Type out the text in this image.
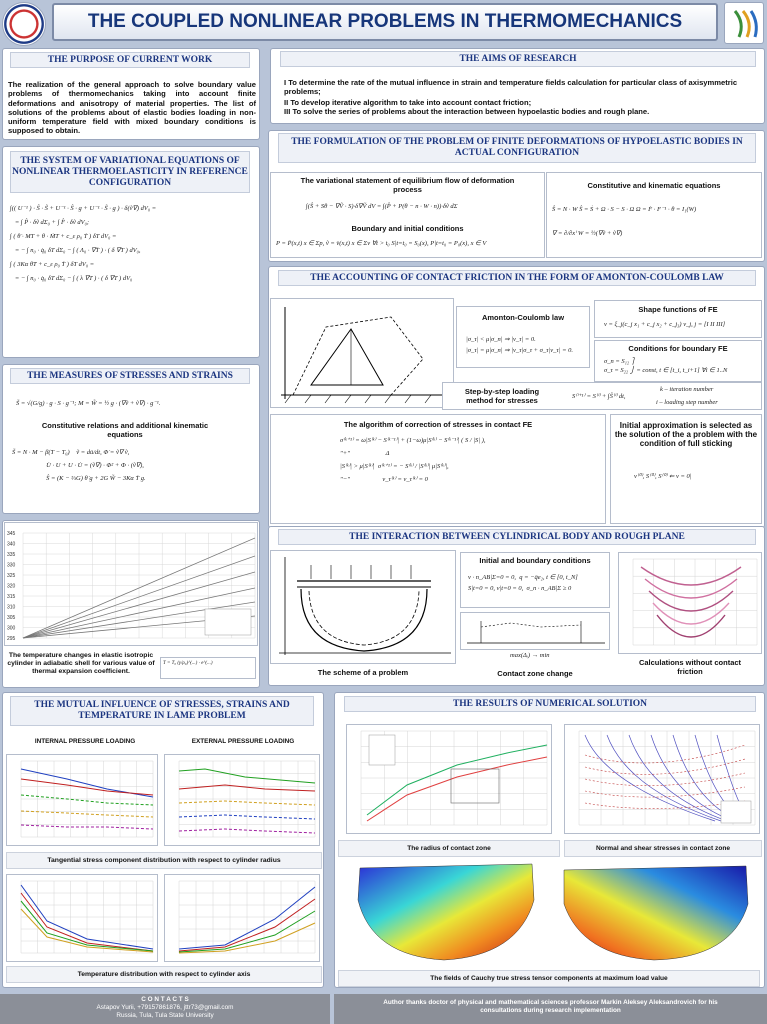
THE COUPLED NONLINEAR PROBLEMS IN THERMOMECHANICS
THE PURPOSE OF CURRENT WORK
The realization of the general approach to solve boundary value problems of thermomechanics taking into account finite deformations and anisotropy of material properties. The list of solutions of the problems about of elastic bodies loading in non-uniform temperature field with mixed boundary conditions is supposed to obtain.
THE AIMS OF RESEARCH
I To determine the rate of the mutual influence in strain and temperature fields calculation for particular class of axisymmetric problems;
II To develop iterative algorithm to take into account contact friction;
III To solve the series of problems about the interaction between hypoelastic bodies and rough plane.
THE FORMULATION OF THE PROBLEM OF FINITE DEFORMATIONS OF HYPOELASTIC BODIES IN ACTUAL CONFIGURATION
The variational statement of equilibrium flow of deformation process
∫(Ŝ + Sθ − ∇Ṽ · S)·δ∇Ṽ dV = ∫(P̂ + P(θ − n · W · n))·δṽ dΣ
Boundary and initial conditions
P = P̄(x,t) x ∈ Σp, ṽ = v̄(x,t) x ∈ Σv ∀t > t₀ S|t=t₀ = S₀(x), P|t=t₀ = P₀(x), x ∈ V
Constitutive and kinematic equations
Ŝ = N · W Ŝ = Ṡ + Ω · S − S · Ω Ω = Ḟ · F⁻¹ · θ = I₁(W)
∇ = ∂/∂xⁱ W = ½(∇ṽ + ṽ∇)
THE SYSTEM OF VARIATIONAL EQUATIONS OF NONLINEAR THERMOELASTICITY IN REFERENCE CONFIGURATION
∫(( U⁻¹ ) · Ŝ · S̃ + U⁻¹ · Ŝ · g + U⁻¹ · S̃ · g ) · δ(ṽ∇) dV₀ =
= ∫ P̂ · δṽ dΣ₀ + ∫ F̂ · δṽ dV₀;
∫ ( θ̇ · MT + θ · ṀT + c_ε ρ₀ Ṫ ) δT dV₀ =
= − ∫ n₀ · q̇₀ δT dΣ₀ − ∫ ( Λ₀ · ∇Ṫ ) · ( δ ∇T ) dV₀,
∫ ( 3Kα θ̇T + c_ε ρ₀ Ṫ ) δT dV₀ =
= − ∫ n₀ · q̇₀ δT dΣ₀ − ∫ ( λ ∇T ) · ( δ ∇T ) dV₀
THE MEASURES OF STRESSES AND STRAINS
S̃ = √(G/g) · g · S · g⁻¹; M = W̃ = ½ g · (∇ṽ + ṽ∇) · g⁻¹.
Constitutive relations and additional kinematic equations
S̃ = N · M − β(T − T₀)    ṽ = dū/dt, Φ̇ = ṽ∇ ṽ,
U̇ · U + U · U̇ = (ṽ∇) · Φ² + Φ · (ṽ∇),
Ŝ = (K − ⅔G) θ̇ g + 2G W̃ − 3Kα Ṫ g.
345
340
335
330
325
320
315
310
305
300
295
The temperature changes in elastic isotropic cylinder in adiabatic shell for various value of thermal expansion coefficient.
T = T₀ (γ/ρ₀)^(...) · e^(...)
THE ACCOUNTING OF CONTACT FRICTION IN THE FORM OF AMONTON-COULOMB LAW
Amonton-Coulomb law
|σ_τ| < μ|σ_n| ⇒ |v_τ| = 0.
|σ_τ| = μ|σ_n| ⇒ |v_τ|σ_τ + σ_τ|v_τ| = 0.
Shape functions of FE
v = ξ_j(c_j x₁ + c_j x₂ + c_j₃) v_j, j = [I II III]
Conditions for boundary FE
σ_n = S₁₂ ⎫
σ_τ = S₂₂ ⎭ = const, t ∈ [t_i, t_i+1] ∀i ∈ 1..N
Step-by-step loading method for stresses	S⁽ⁱ⁺¹⁾ = S⁽ⁱ⁾ + ∫Ŝ⁽ⁱ⁾ dt,
k – iteration number
i – loading step number
The algorithm of correction of stresses in contact FE
σ⁽ᵏ⁺¹⁾ = ω|S⁽ᵏ⁾ − S⁽ᵏ⁻¹⁾| + (1−ω)μ|S⁽ᵏ⁾ − S⁽ᵏ⁻¹⁾| ( S / |S| ),
"+"                      Δ
|S⁽ᵏ⁾| > μ|S⁽ᵏ⁾|  σ⁽ᵏ⁺¹⁾ = − S⁽ᵏ⁾ / |S⁽ᵏ⁾| μ|S⁽ᵏ⁾|,
"−"                    v_τ⁽ᵏ⁾ = v_τ⁽ᵏ⁾ = 0
Initial approximation is selected as the solution of the a problem with the condition of full sticking
v⁽⁰⁾, S⁽⁰⁾, S⁽⁰⁾ ⇐ v = 0|
THE INTERACTION BETWEEN CYLINDRICAL BODY AND ROUGH PLANE
The scheme of a problem
Initial and boundary conditions
v · n_AB|Σ=0 = 0,  q = −q̄e₂, t ∈ [0, t_N]
S|t=0 = 0, v|t=0 = 0,  σ_n · n_AB|Σ ≥ 0
max(Δᵢ) → min
Contact zone change
Calculations without contact friction
THE MUTUAL INFLUENCE OF STRESSES, STRAINS AND TEMPERATURE IN LAME PROBLEM
INTERNAL PRESSURE LOADING	EXTERNAL PRESSURE LOADING
Tangential stress component distribution with respect to cylinder radius
Temperature distribution with respect to cylinder axis
THE RESULTS OF NUMERICAL SOLUTION
The radius of contact zone	Normal and shear stresses in contact zone
The fields of Cauchy true stress tensor components at maximum load value
C O N T A C T S
Astapov Yurii, +79157861876, jttr73@gmail.com
Russia, Tula, Tula State University
Author thanks doctor of physical and mathematical sciences professor Markin Aleksey Aleksandrovich for his consultations during research implementation
